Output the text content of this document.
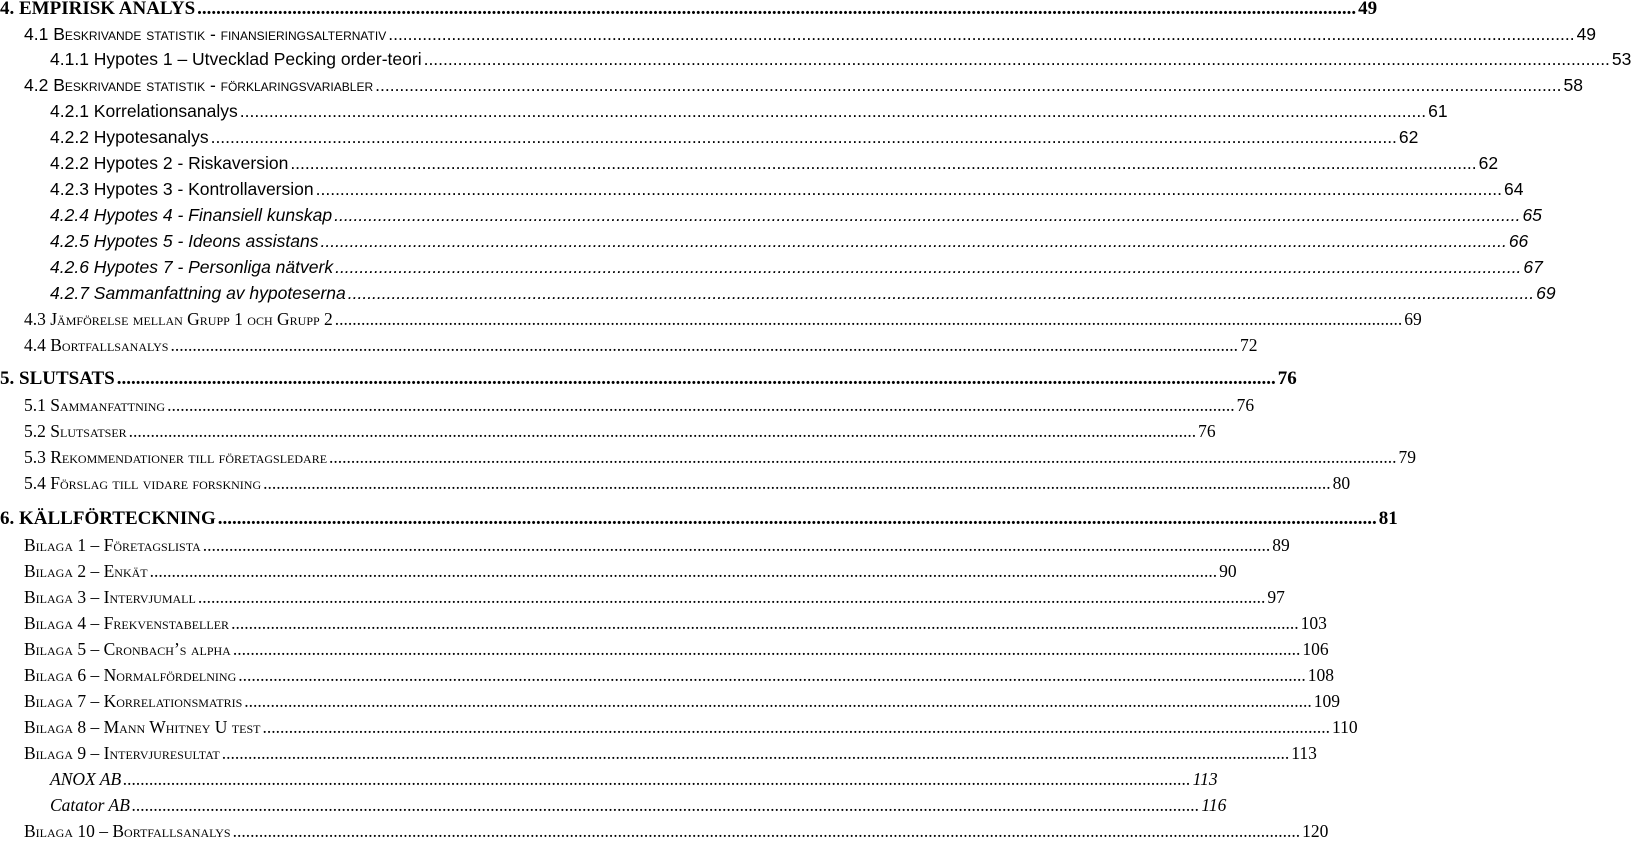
4. EMPIRISK ANALYS .....	49
4.1 Beskrivande statistik - finansieringsalternativ .....	49
4.1.1 Hypotes 1 – Utvecklad Pecking order-teori .....	53
4.2 Beskrivande statistik - förklaringsvariabler .....	58
4.2.1 Korrelationsanalys .....	61
4.2.2 Hypotesanalys .....	62
4.2.2 Hypotes 2 - Riskaversion .....	62
4.2.3 Hypotes 3 - Kontrollaversion .....	64
4.2.4 Hypotes 4 - Finansiell kunskap .....	65
4.2.5 Hypotes 5 - Ideons assistans .....	66
4.2.6 Hypotes 7 - Personliga nätverk .....	67
4.2.7 Sammanfattning av hypoteserna .....	69
4.3 Jämförelse mellan Grupp 1 och Grupp 2 .....	69
4.4 Bortfallsanalys .....	72
5. SLUTSATS .....	76
5.1 Sammanfattning .....	76
5.2 Slutsatser .....	76
5.3 Rekommendationer till företagsledare .....	79
5.4 Förslag till vidare forskning .....	80
6. KÄLLFÖRTECKNING .....	81
Bilaga 1 – Företagslista .....	89
Bilaga 2 – Enkät .....	90
Bilaga 3 – Intervjumall .....	97
Bilaga 4 – Frekvenstabeller .....	103
Bilaga 5 – Cronbach’s alpha .....	106
Bilaga 6 – Normalfördelning .....	108
Bilaga 7 – Korrelationsmatris .....	109
Bilaga 8 – Mann Whitney U test .....	110
Bilaga 9 – Intervjuresultat .....	113
ANOX AB .....	113
Catator AB .....	116
Bilaga 10 – Bortfallsanalys .....	120
